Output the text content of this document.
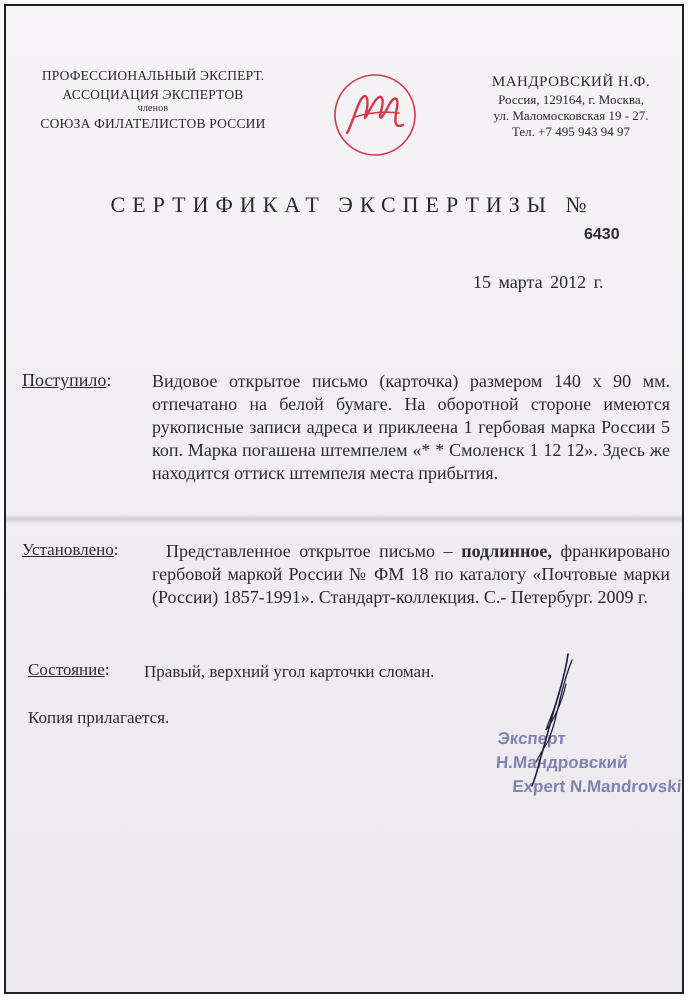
ПРОФЕССИОНАЛЬНЫЙ ЭКСПЕРТ.
АССОЦИАЦИЯ ЭКСПЕРТОВ
членов
СОЮЗА ФИЛАТЕЛИСТОВ РОССИИ
МАНДРОВСКИЙ Н.Ф.
Россия, 129164, г. Москва,
ул. Маломосковская 19 - 27.
Тел. +7 495 943 94 97
СЕРТИФИКАТ ЭКСПЕРТИЗЫ №
6430
15 марта 2012 г.
Поступило: Видовое открытое письмо (карточка) размером 140 х 90 мм. отпечатано на белой бумаге. На оборотной стороне имеются рукописные записи адреса и приклеена 1 гербовая марка России 5 коп. Марка погашена штемпелем «* * Смоленск 1 12 12». Здесь же находится оттиск штемпеля места прибытия.
Установлено:	Представленное открытое письмо – подлинное, франкировано гербовой маркой России № ФМ 18 по каталогу «Почтовые марки (России) 1857-1991». Стандарт-коллекция. С.- Петербург. 2009 г.
Состояние: Правый, верхний угол карточки сломан.
Копия прилагается.
Эксперт Н.Мандровский
Expert N.Mandrovski
